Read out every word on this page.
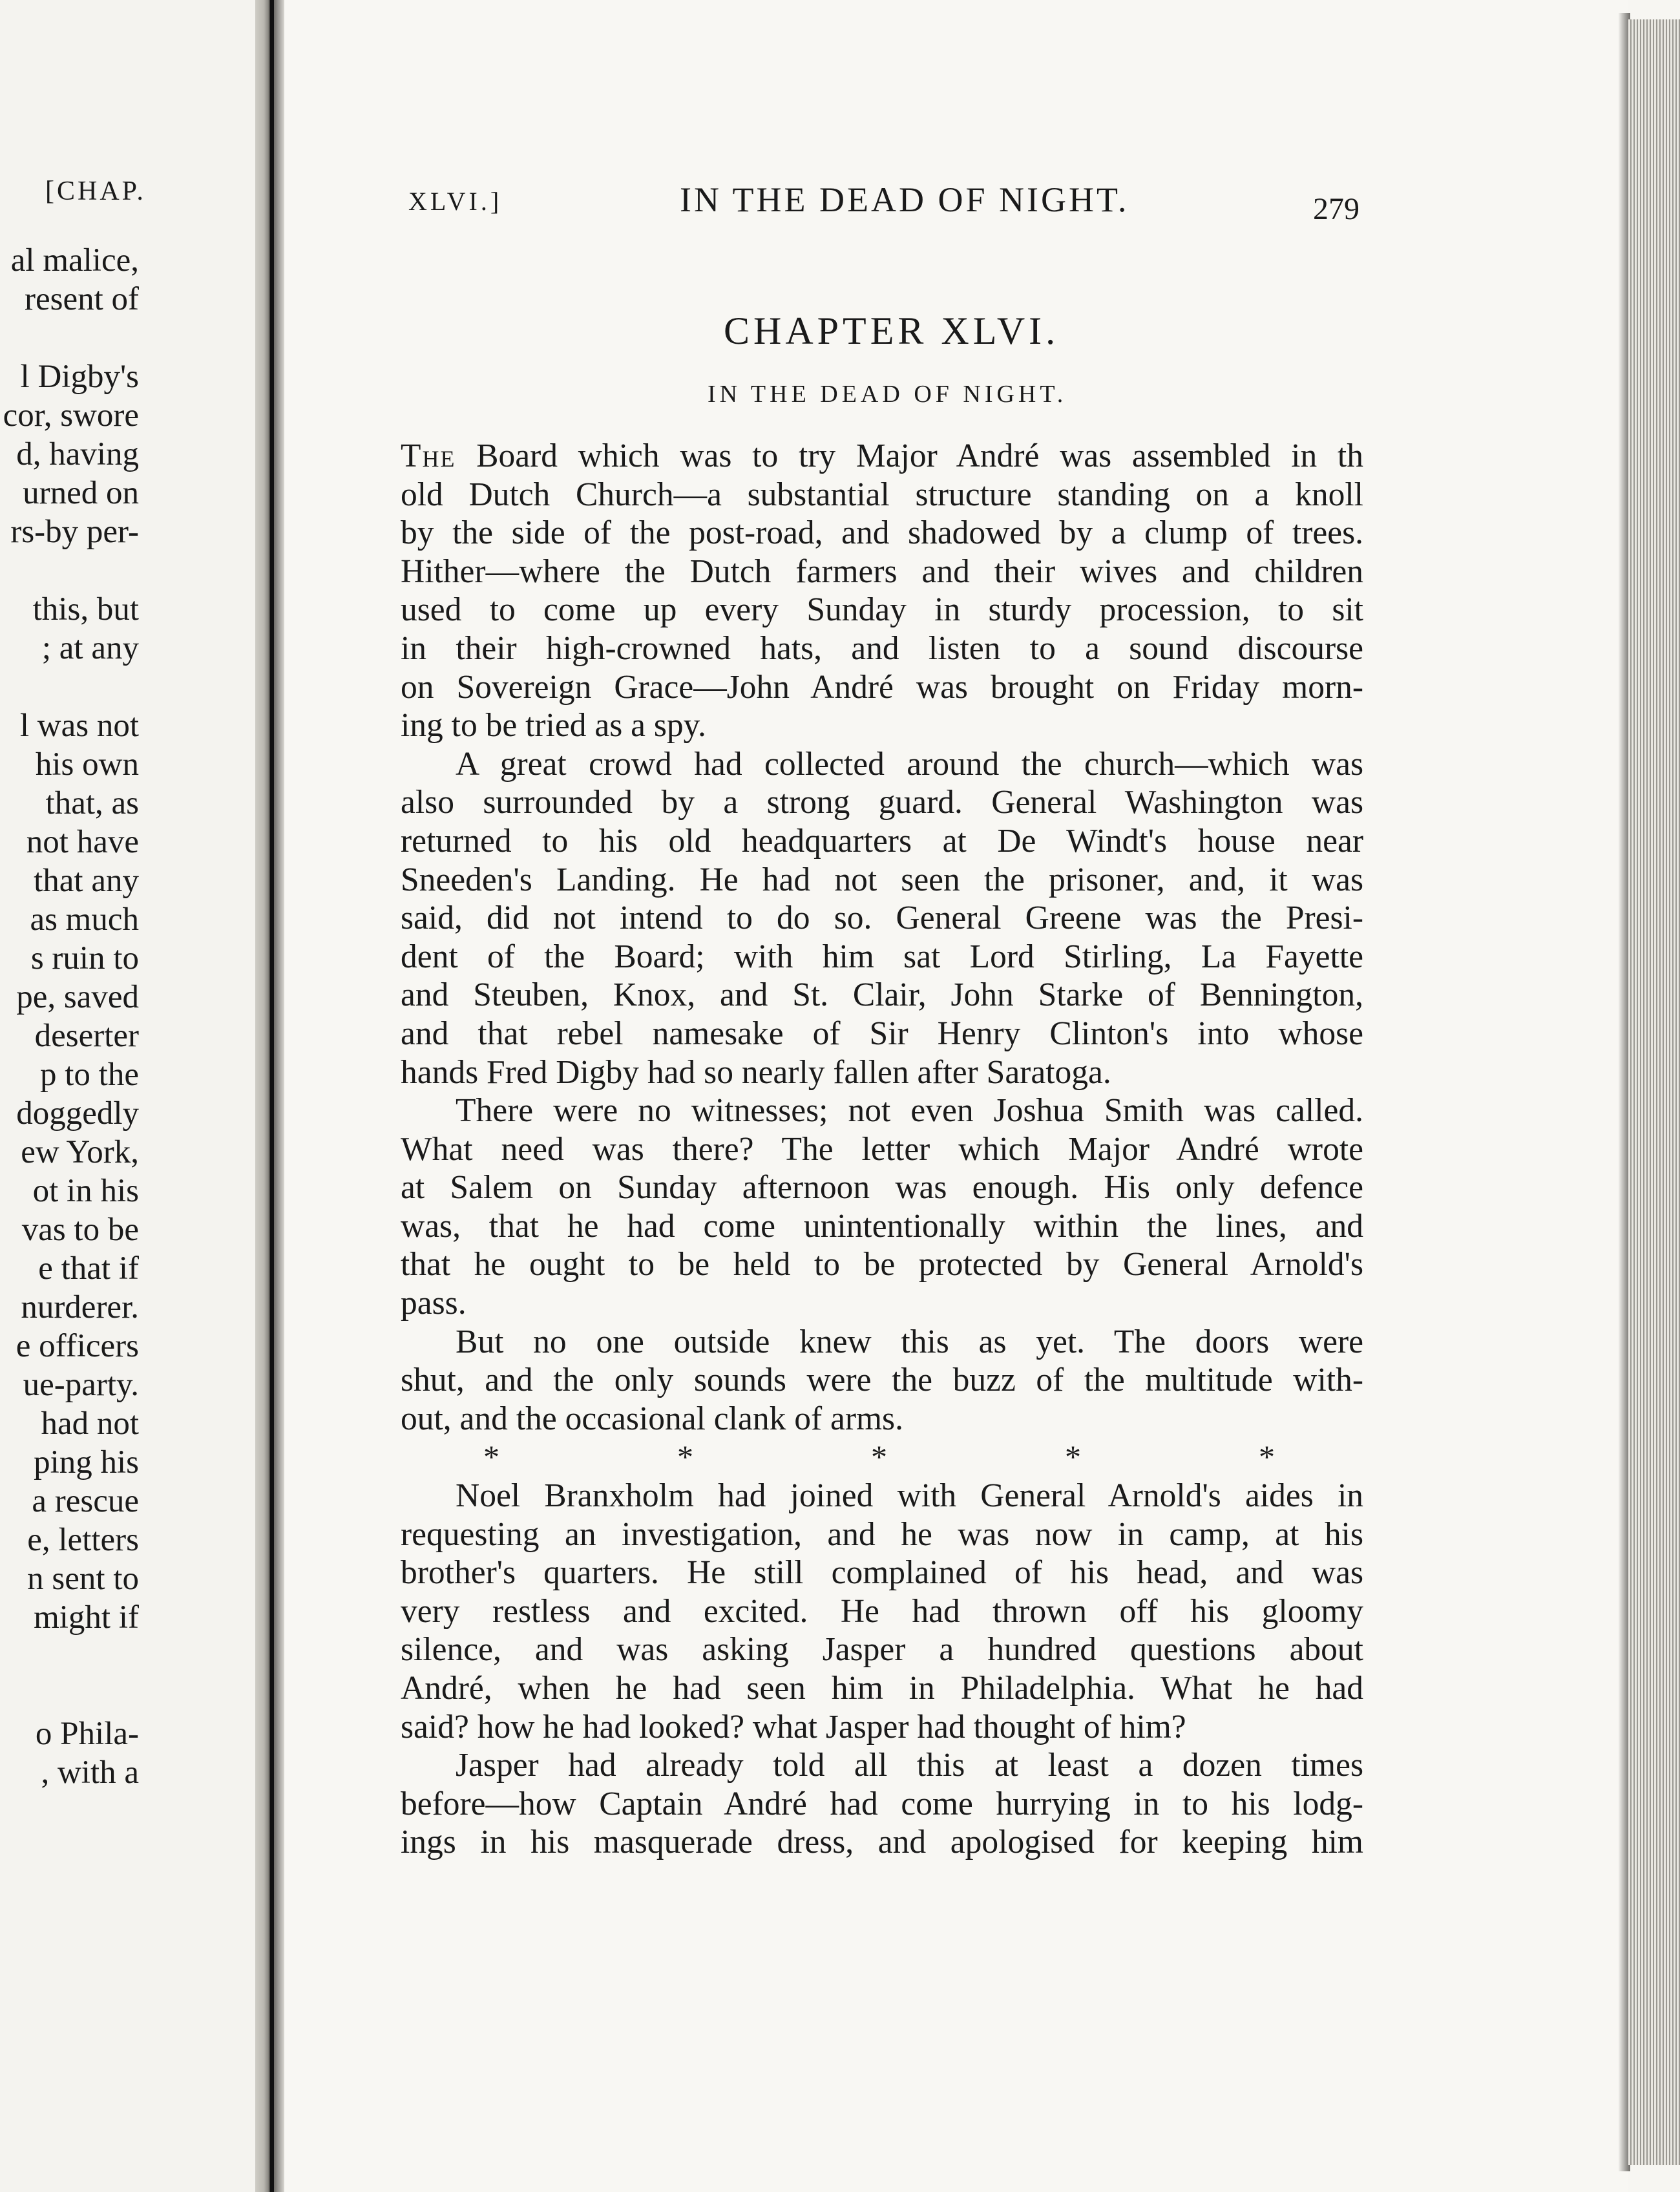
[CHAP.
al malice,
resent of
l Digby's
cor, swore
d, having
urned on
rs-by per-
this, but
; at any
l was not
his own
that, as
not have
that any
as much
s ruin to
pe, saved
deserter
p to the
doggedly
ew York,
ot in his
vas to be
e that if
nurderer.
e officers
ue-party.
had not
ping his
a rescue
e, letters
n sent to
might if
o Phila-
, with a
XLVI.]	IN THE DEAD OF NIGHT.	279
CHAPTER XLVI.
IN THE DEAD OF NIGHT.
The Board which was to try Major André was assembled in th
old Dutch Church—a substantial structure standing on a knoll
by the side of the post-road, and shadowed by a clump of trees.
Hither—where the Dutch farmers and their wives and children
used to come up every Sunday in sturdy procession, to sit
in their high-crowned hats, and listen to a sound discourse
on Sovereign Grace—John André was brought on Friday morn-
ing to be tried as a spy.
A great crowd had collected around the church—which was
also surrounded by a strong guard. General Washington was
returned to his old headquarters at De Windt's house near
Sneeden's Landing. He had not seen the prisoner, and, it was
said, did not intend to do so. General Greene was the Presi-
dent of the Board; with him sat Lord Stirling, La Fayette
and Steuben, Knox, and St. Clair, John Starke of Bennington,
and that rebel namesake of Sir Henry Clinton's into whose
hands Fred Digby had so nearly fallen after Saratoga.
There were no witnesses; not even Joshua Smith was called.
What need was there? The letter which Major André wrote
at Salem on Sunday afternoon was enough. His only defence
was, that he had come unintentionally within the lines, and
that he ought to be held to be protected by General Arnold's
pass.
But no one outside knew this as yet. The doors were
shut, and the only sounds were the buzz of the multitude with-
out, and the occasional clank of arms.
*	*	*	*	*
Noel Branxholm had joined with General Arnold's aides in
requesting an investigation, and he was now in camp, at his
brother's quarters. He still complained of his head, and was
very restless and excited. He had thrown off his gloomy
silence, and was asking Jasper a hundred questions about
André, when he had seen him in Philadelphia. What he had
said? how he had looked? what Jasper had thought of him?
Jasper had already told all this at least a dozen times
before—how Captain André had come hurrying in to his lodg-
ings in his masquerade dress, and apologised for keeping him
